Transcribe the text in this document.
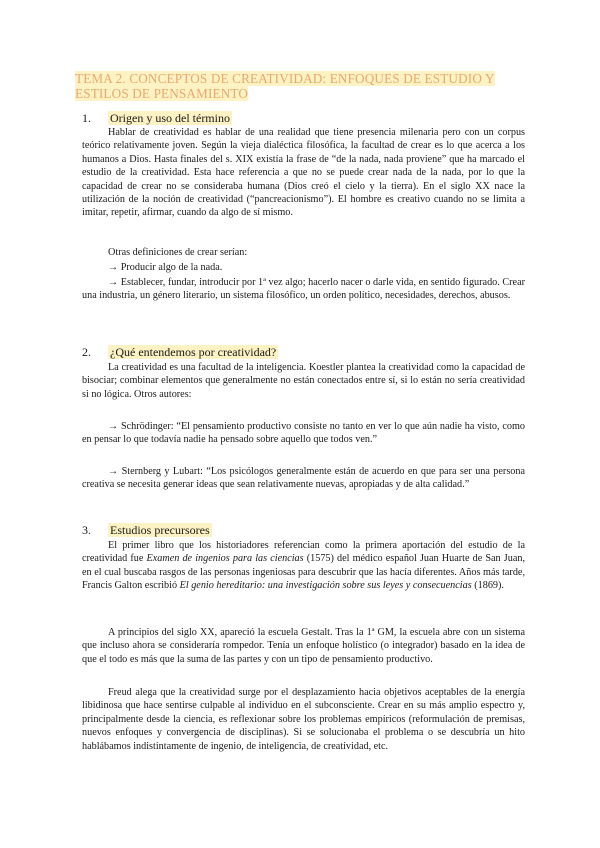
TEMA 2. CONCEPTOS DE CREATIVIDAD: ENFOQUES DE ESTUDIO Y
ESTILOS DE PENSAMIENTO
1. Origen y uso del término

Hablar de creatividad es hablar de una realidad que tiene presencia milenaria pero con un corpus teórico relativamente joven. Según la vieja dialéctica filosófica, la facultad de crear es lo que acerca a los humanos a Dios. Hasta finales del s. XIX existía la frase de “de la nada, nada proviene” que ha marcado el estudio de la creatividad. Esta hace referencia a que no se puede crear nada de la nada, por lo que la capacidad de crear no se consideraba humana (Dios creó el cielo y la tierra). En el siglo XX nace la utilización de la noción de creatividad (“pancreacionismo”). El hombre es creativo cuando no se limita a imitar, repetir, afirmar, cuando da algo de sí mismo.

Otras definiciones de crear serían:
→ Producir algo de la nada.

→ Establecer, fundar, introducir por 1ª vez algo; hacerlo nacer o darle vida, en sentido figurado. Crear una industria, un género literario, un sistema filosófico, un orden político, necesidades, derechos, abusos.

2. ¿Qué entendemos por creatividad?

La creatividad es una facultad de la inteligencia. Koestler plantea la creatividad como la capacidad de bisociar; combinar elementos que generalmente no están conectados entre sí, si lo están no sería creatividad si no lógica. Otros autores:

→ Schrödinger: “El pensamiento productivo consiste no tanto en ver lo que aún nadie ha visto, como en pensar lo que todavía nadie ha pensado sobre aquello que todos ven.”

→ Sternberg y Lubart: “Los psicólogos generalmente están de acuerdo en que para ser una persona creativa se necesita generar ideas que sean relativamente nuevas, apropiadas y de alta calidad.”

3. Estudios precursores

El primer libro que los historiadores referencian como la primera aportación del estudio de la creatividad fue Examen de ingenios para las ciencias (1575) del médico español Juan Huarte de San Juan, en el cual buscaba rasgos de las personas ingeniosas para descubrir que las hacía diferentes. Años más tarde, Francis Galton escribió El genio hereditario: una investigación sobre sus leyes y consecuencias (1869).

A principios del siglo XX, apareció la escuela Gestalt. Tras la 1ª GM, la escuela abre con un sistema que incluso ahora se consideraría rompedor. Tenía un enfoque holístico (o integrador) basado en la idea de que el todo es más que la suma de las partes y con un tipo de pensamiento productivo.

Freud alega que la creatividad surge por el desplazamiento hacia objetivos aceptables de la energía libidinosa que hace sentirse culpable al individuo en el subconsciente. Crear en su más amplio espectro y, principalmente desde la ciencia, es reflexionar sobre los problemas empíricos (reformulación de premisas, nuevos enfoques y convergencia de disciplinas). Si se solucionaba el problema o se descubría un hito hablábamos indistintamente de ingenio, de inteligencia, de creatividad, etc.
